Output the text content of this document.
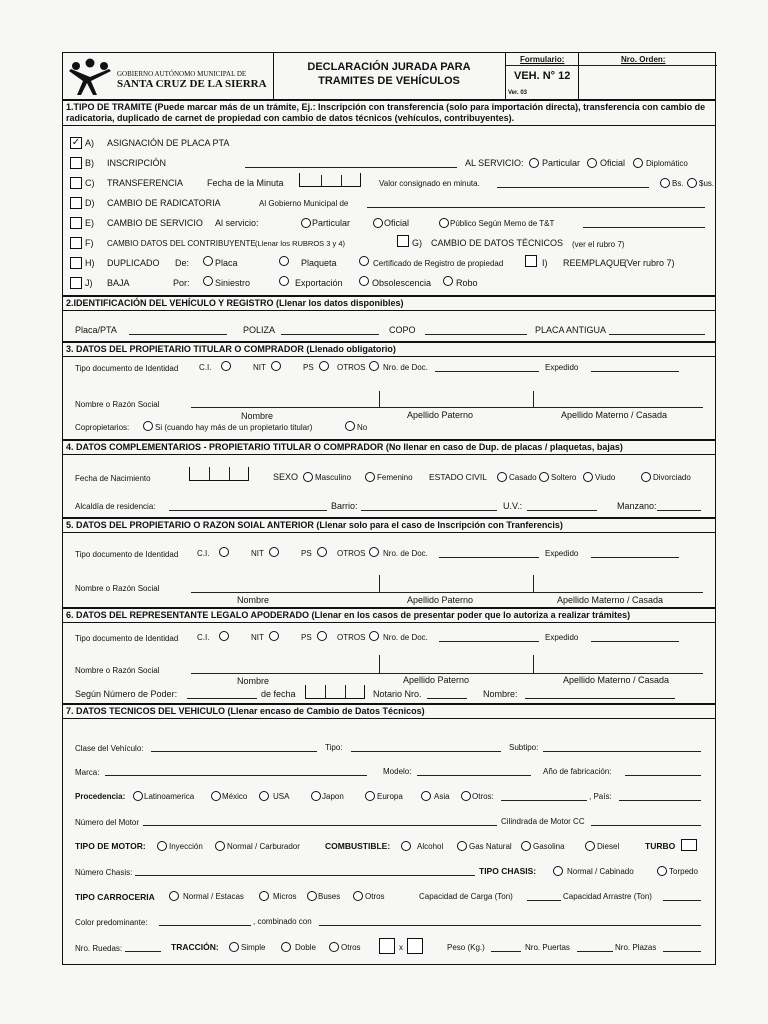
GOBIERNO AUTÓNOMO MUNICIPAL DE
SANTA CRUZ DE LA SIERRA
DECLARACIÓN JURADA PARA
TRAMITES DE VEHÍCULOS
Formulario:
VEH. N° 12
Ver. 03
Nro. Orden:
1.TIPO DE TRAMITE (Puede marcar más de un trámite, Ej.: Inscripción con transferencia (solo para importación directa), transferencia con cambio de radicatoria, duplicado de carnet de propiedad con cambio de datos técnicos (vehículos, contribuyentes).
✓ A) ASIGNACIÓN DE PLACA PTA
B) INSCRIPCIÓN	AL SERVICIO: Particular Oficial	Diplomático
C) TRANSFERENCIA	Fecha de la Minuta	Valor consignado en minuta.	Bs. $us.
D) CAMBIO DE RADICATORIA	Al Gobierno Municipal de
E) CAMBIO DE SERVICIO Al servicio:	Particular	Oficial	Público Según Memo de T&T
F) CAMBIO DATOS DEL CONTRIBUYENTE (Llenar los RUBROS 3 y 4)	G) CAMBIO DE DATOS TÉCNICOS (ver el rubro 7)
H) DUPLICADO De:	Placa	Plaqueta	Certificado de Registro de propiedad	I) REEMPLAQUE
(Ver rubro 7)
J) BAJA	Por:	Siniestro	Exportación	Obsolescencia	Robo
2.IDENTIFICACIÓN DEL VEHÍCULO Y REGISTRO (Llenar los datos disponibles)
Placa/PTA	POLIZA	COPO	PLACA ANTIGUA
3. DATOS DEL PROPIETARIO TITULAR O COMPRADOR (Llenado obligatorio)
Tipo documento de Identidad	C.I.	NIT	PS	OTROS Nro. de Doc.	Expedido
Nombre o Razón Social
Nombre	Apellido Paterno	Apellido Materno / Casada
Copropietarios:	Si (cuando hay más de un propietario titular)	No
4. DATOS COMPLEMENTARIOS - PROPIETARIO TITULAR O COMPRADOR (No llenar en caso de Dup. de placas / plaquetas, bajas)
Fecha de Nacimiento	SEXO Masculino	Femenino ESTADO CIVIL	Casado Soltero Viudo	Divorciado
Alcaldía de residencia:	Barrio:	U.V.:	Manzano:
5. DATOS DEL PROPIETARIO O RAZON SOIAL ANTERIOR (Llenar solo para el caso de Inscripción con Tranferencis)
Tipo documento de Identidad C.I.	NIT	PS	OTROS Nro. de Doc.	Expedido
Nombre o Razón Social
Nombre	Apellido Paterno	Apellido Materno / Casada
6. DATOS DEL REPRESENTANTE LEGALO APODERADO (Llenar en los casos de presentar poder que lo autoriza a realizar trámites)
Tipo documento de Identidad C.I.	NIT	PS	OTROS Nro. de Doc.	Expedido
Nombre o Razón Social
Nombre	Apellido Paterno	Apellido Materno / Casada
Según Número de Poder:	de fecha	Notario Nro.	Nombre:
7. DATOS TECNICOS DEL VEHICULO (Llenar encaso de Cambio de Datos Técnicos)
Clase del Vehículo:	Tipo:	Subtipo:
Marca:	Modelo:	Año de fabricación:
Procedencia: Latinoamerica	México	USA	Japon	Europa	Asia	Otros:	, País:
Número del Motor	Cilindrada de Motor CC
TIPO DE MOTOR:	Inyección	Normal / Carburador	COMBUSTIBLE:	Alcohol	Gas Natural	Gasolina	Diesel	TURBO
Número Chasis:	TIPO CHASIS:	Normal / Cabinado	Torpedo
TIPO CARROCERIA	Normal / Estacas	Micros	Buses	Otros	Capacidad de Carga (Ton)	Capacidad Arrastre (Ton)
Color predominante:	, combinado con
Nro. Ruedas:	TRACCIÓN:	Simple	Doble	Otros	x	Peso (Kg.)	Nro. Puertas	Nro. Plazas
